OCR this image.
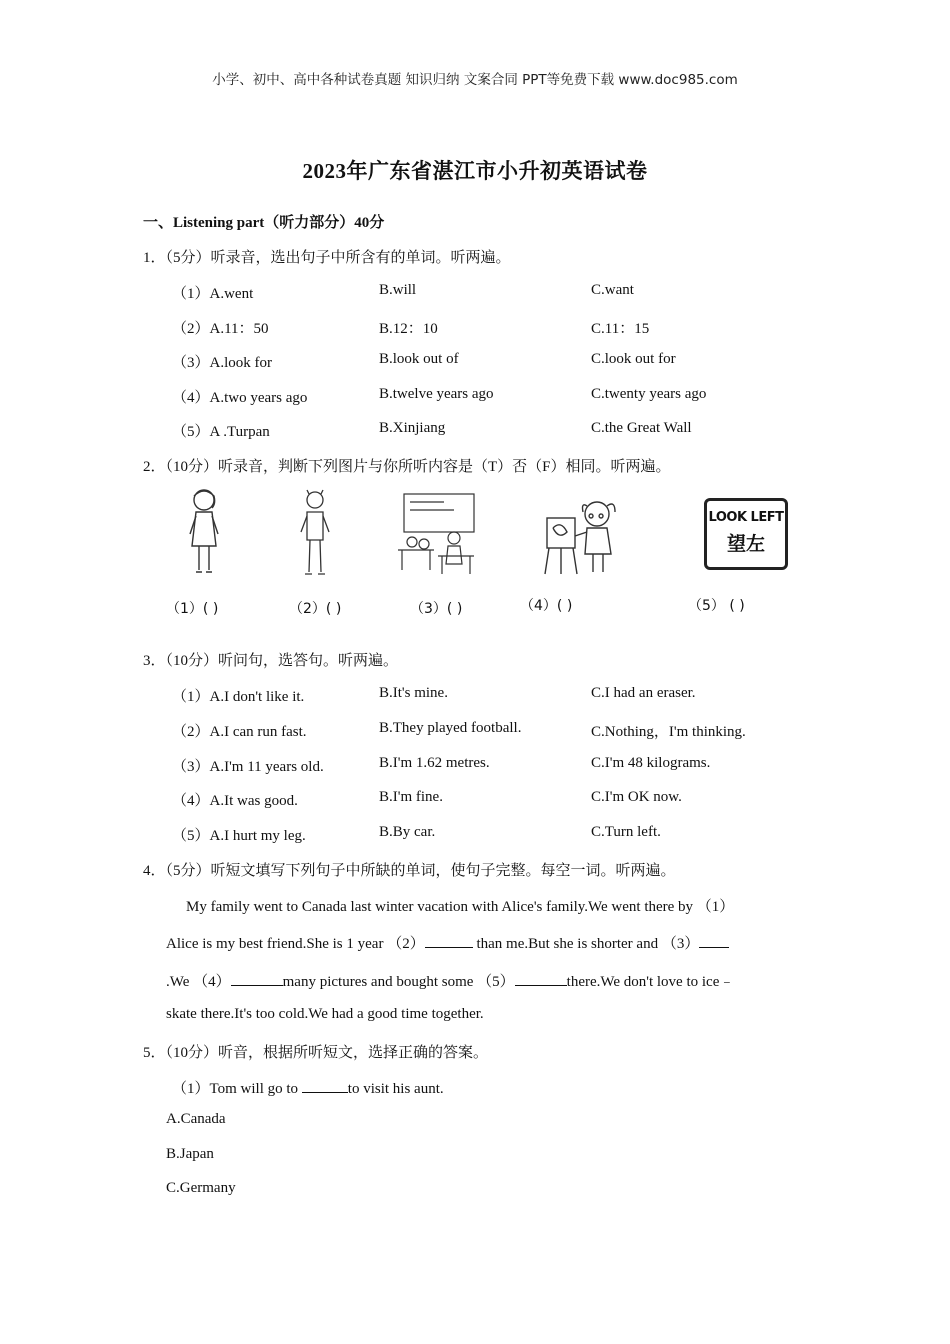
小学、初中、高中各种试卷真题 知识归纳 文案合同 PPT等免费下载 www.doc985.com
2023年广东省湛江市小升初英语试卷
一、Listening part（听力部分）40分
1．（5分）听录音，选出句子中所含有的单词。听两遍。
（1）A.went	B.will	C.want
（2）A.11：50	B.12：10	C.11：15
（3）A.look for	B.look out of	C.look out for
（4）A.two years ago	B.twelve years ago	C.twenty years ago
（5）A .Turpan	B.Xinjiang	C.the Great Wall
2．（10分）听录音，判断下列图片与你所听内容是（T）否（F）相同。听两遍。
LOOK LEFT
望左
（1）( )	（2）( )	（3）( )	（4）( )	（5） ( )
3．（10分）听问句，选答句。听两遍。
（1）A.I don't like it.	B.It's mine.	C.I had an eraser.
（2）A.I can run fast.	B.They played football.	C.Nothing，I'm thinking.
（3）A.I'm 11 years old.	B.I'm 1.62 metres.	C.I'm 48 kilograms.
（4）A.It was good.	B.I'm fine.	C.I'm OK now.
（5）A.I hurt my leg.	B.By car.	C.Turn left.
4．（5分）听短文填写下列句子中所缺的单词，使句子完整。每空一词。听两遍。
My family went to Canada last winter vacation with Alice's family.We went there by （1）
Alice is my best friend.She is 1 year （2）	than me.But she is shorter and （3）
.We （4）	many pictures and bought some （5）	there.We don't love to ice﹣
skate there.It's too cold.We had a good time together.
5．（10分）听音，根据所听短文，选择正确的答案。
（1）Tom will go to	to visit his aunt.
A.Canada
B.Japan
C.Germany
